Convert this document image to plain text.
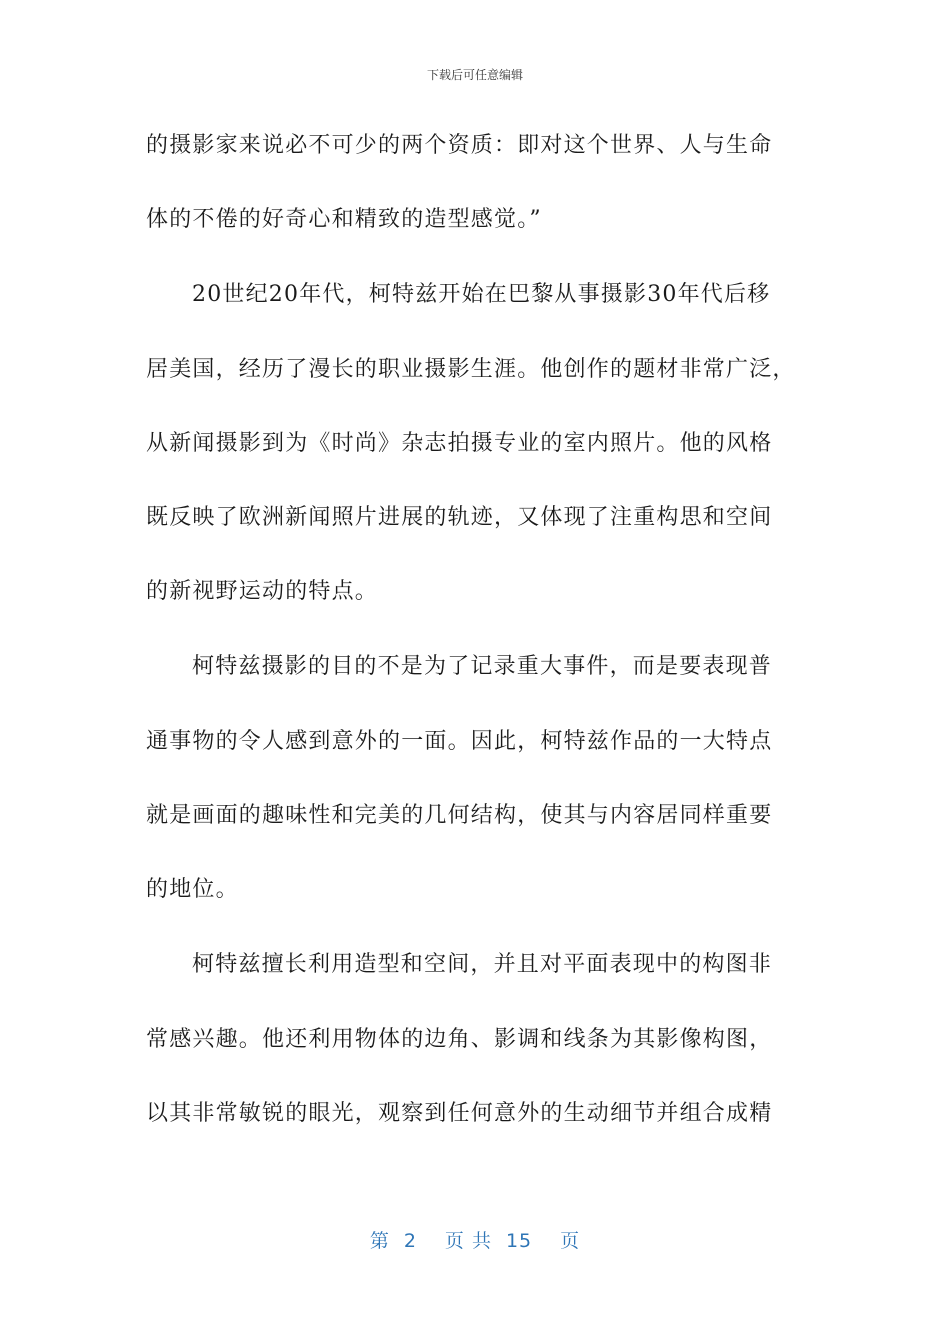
下载后可任意编辑
的摄影家来说必不可少的两个资质：即对这个世界、人与生命
体的不倦的好奇心和精致的造型感觉。”
20世纪20年代，柯特兹开始在巴黎从事摄影30年代后移
居美国，经历了漫长的职业摄影生涯。他创作的题材非常广泛，
从新闻摄影到为《时尚》杂志拍摄专业的室内照片。他的风格
既反映了欧洲新闻照片进展的轨迹，又体现了注重构思和空间
的新视野运动的特点。
柯特兹摄影的目的不是为了记录重大事件，而是要表现普
通事物的令人感到意外的一面。因此，柯特兹作品的一大特点
就是画面的趣味性和完美的几何结构，使其与内容居同样重要
的地位。
柯特兹擅长利用造型和空间，并且对平面表现中的构图非
常感兴趣。他还利用物体的边角、影调和线条为其影像构图，
以其非常敏锐的眼光，观察到任何意外的生动细节并组合成精
第 2 页 共 15 页
